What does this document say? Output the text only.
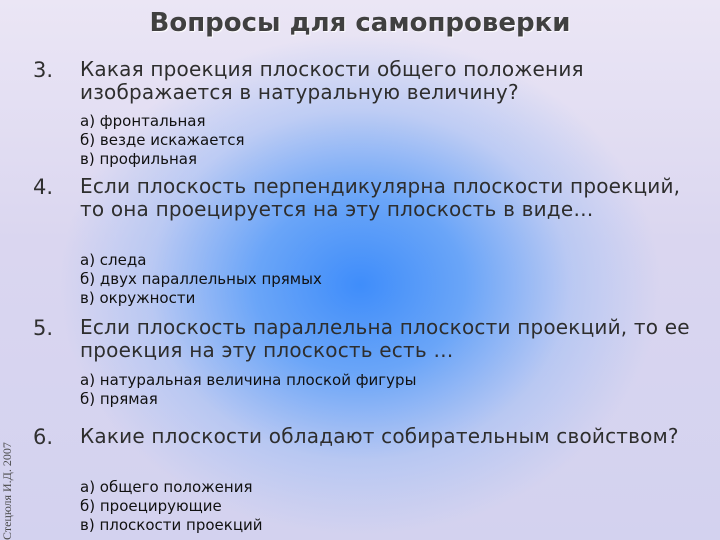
Вопросы для самопроверки
3. Какая проекция плоскости общего положения изображается в натуральную величину?
а) фронтальная
б) везде искажается
в) профильная
4. Если плоскость перпендикулярна плоскости проекций, то она проецируется на эту плоскость в виде…
а) следа
б) двух параллельных прямых
в) окружности
5. Если плоскость параллельна плоскости проекций, то ее проекция на эту плоскость есть …
а) натуральная величина плоской фигуры
б) прямая
6. Какие плоскости обладают собирательным свойством?
а) общего положения
б) проецирующие
в) плоскости проекций
Стецюля И.Д. 2007
